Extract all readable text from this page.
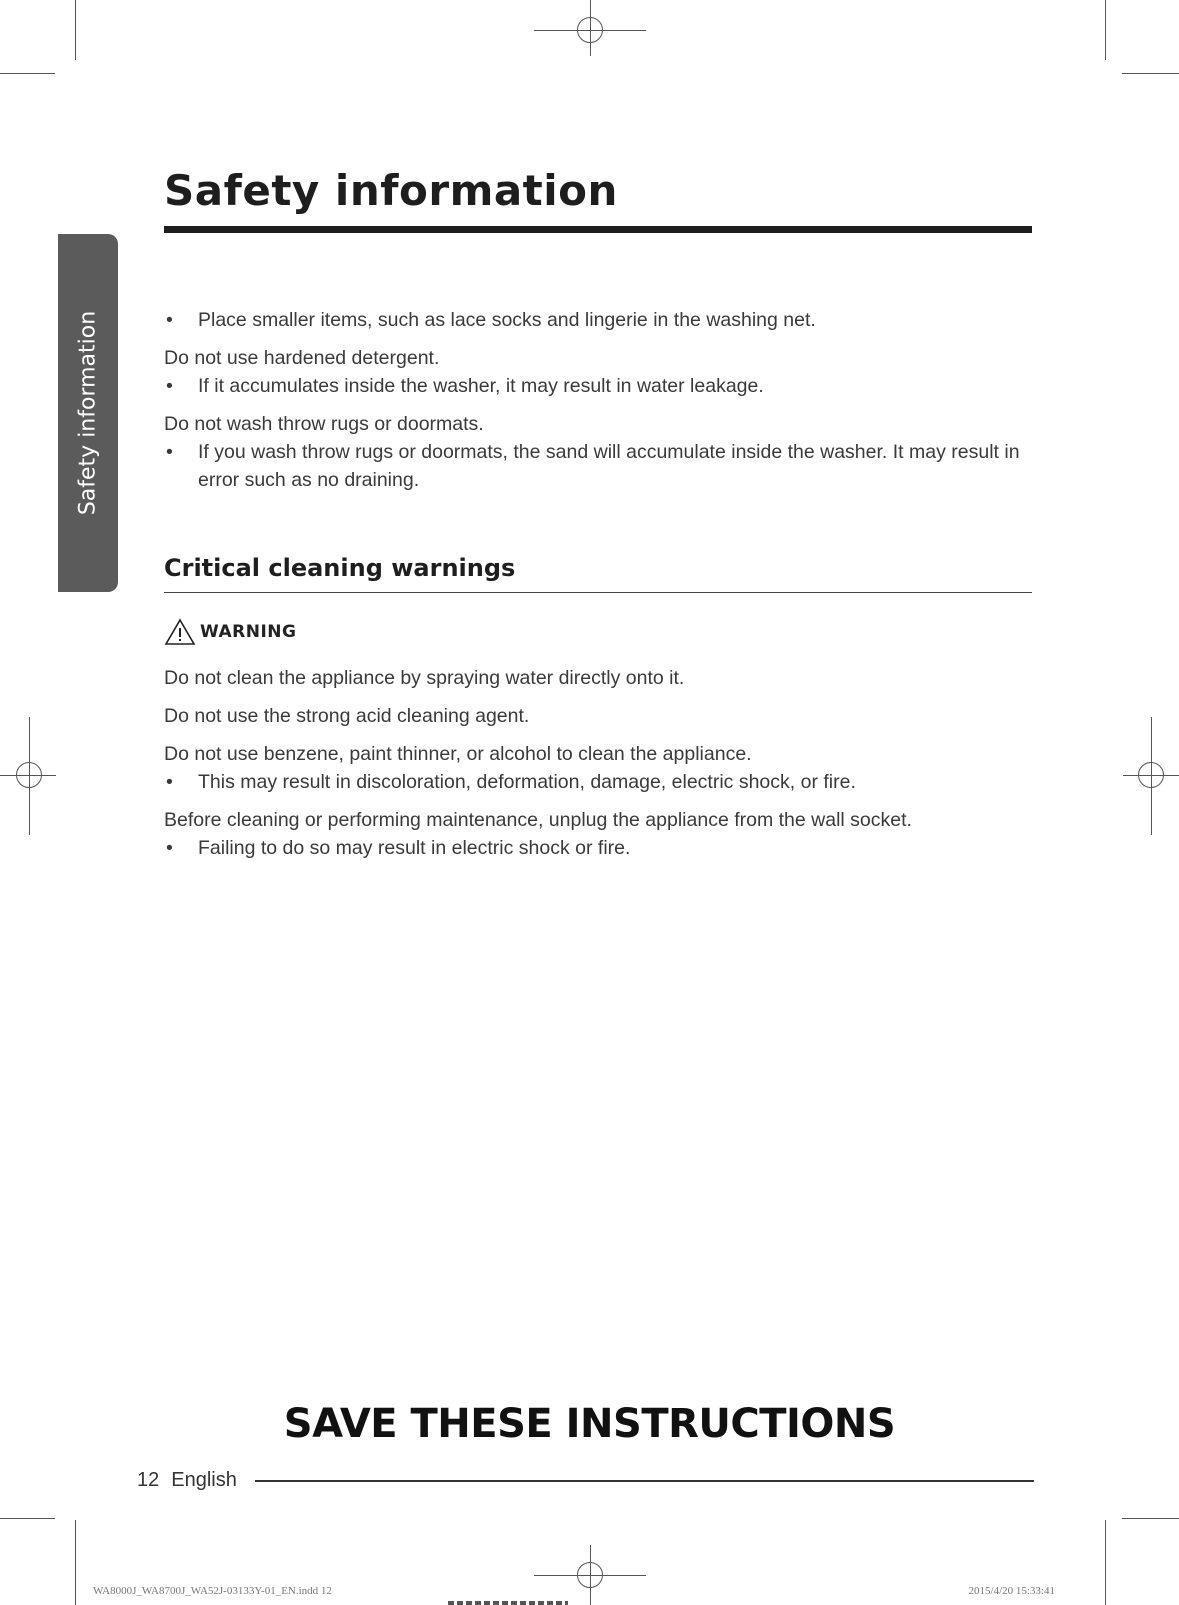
Safety information
Safety information
• Place smaller items, such as lace socks and lingerie in the washing net.
Do not use hardened detergent.
• If it accumulates inside the washer, it may result in water leakage.
Do not wash throw rugs or doormats.
• If you wash throw rugs or doormats, the sand will accumulate inside the washer. It may result in error such as no draining.
Critical cleaning warnings
WARNING
Do not clean the appliance by spraying water directly onto it.
Do not use the strong acid cleaning agent.
Do not use benzene, paint thinner, or alcohol to clean the appliance.
• This may result in discoloration, deformation, damage, electric shock, or fire.
Before cleaning or performing maintenance, unplug the appliance from the wall socket.
• Failing to do so may result in electric shock or fire.
SAVE THESE INSTRUCTIONS
12 English
WA8000J_WA8700J_WA52J-03133Y-01_EN.indd 12	2015/4/20 15:33:41
